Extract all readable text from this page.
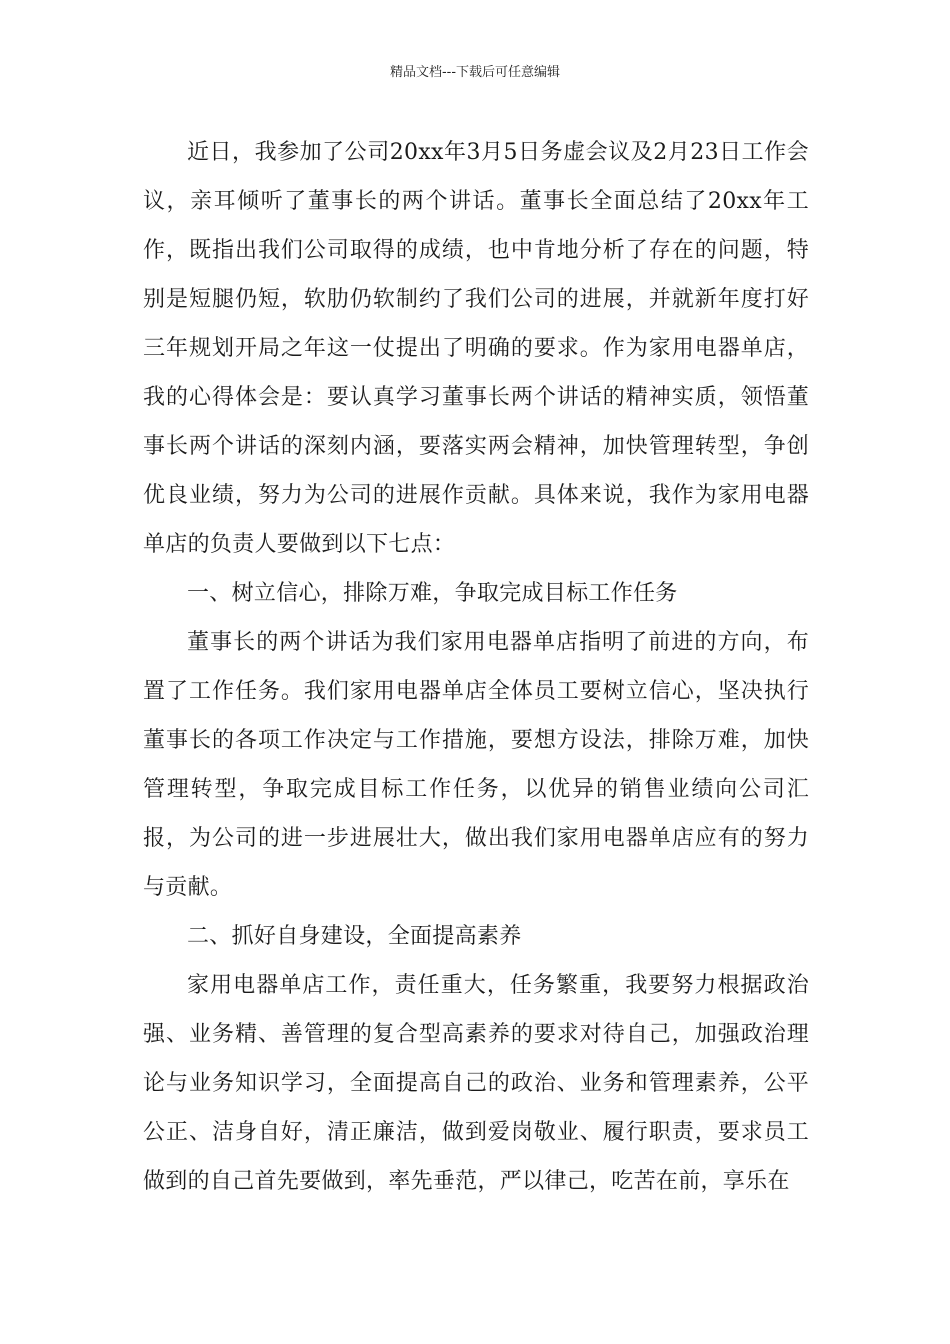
精品文档---下载后可任意编辑

近日，我参加了公司20xx年3月5日务虚会议及2月23日工作会议，亲耳倾听了董事长的两个讲话。董事长全面总结了20xx年工作，既指出我们公司取得的成绩，也中肯地分析了存在的问题，特别是短腿仍短，软肋仍软制约了我们公司的进展，并就新年度打好三年规划开局之年这一仗提出了明确的要求。作为家用电器单店，我的心得体会是：要认真学习董事长两个讲话的精神实质，领悟董事长两个讲话的深刻内涵，要落实两会精神，加快管理转型，争创优良业绩，努力为公司的进展作贡献。具体来说，我作为家用电器单店的负责人要做到以下七点：

一、树立信心，排除万难，争取完成目标工作任务

董事长的两个讲话为我们家用电器单店指明了前进的方向，布置了工作任务。我们家用电器单店全体员工要树立信心，坚决执行董事长的各项工作决定与工作措施，要想方设法，排除万难，加快管理转型，争取完成目标工作任务，以优异的销售业绩向公司汇报，为公司的进一步进展壮大，做出我们家用电器单店应有的努力与贡献。

二、抓好自身建设，全面提高素养

家用电器单店工作，责任重大，任务繁重，我要努力根据政治强、业务精、善管理的复合型高素养的要求对待自己，加强政治理论与业务知识学习，全面提高自己的政治、业务和管理素养，公平公正、洁身自好，清正廉洁，做到爱岗敬业、履行职责，要求员工做到的自己首先要做到，率先垂范，严以律己，吃苦在前，享乐在
